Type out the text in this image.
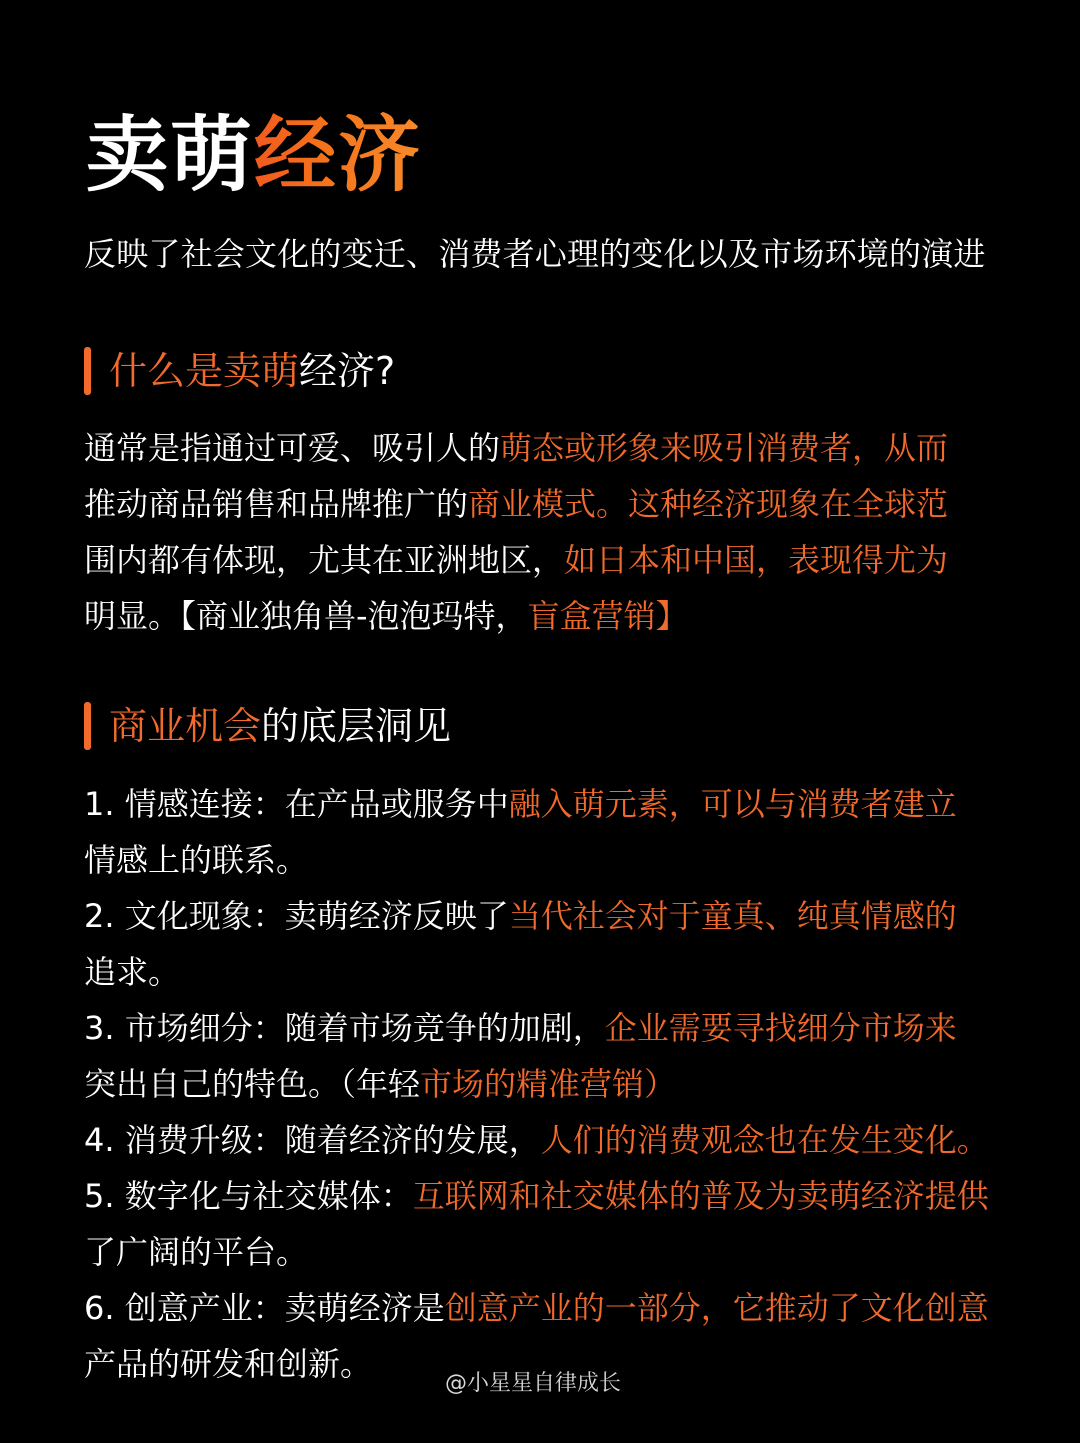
卖萌经济
反映了社会文化的变迁、消费者心理的变化以及市场环境的演进
什么是卖萌经济?
通常是指通过可爱、吸引人的萌态或形象来吸引消费者，从而
推动商品销售和品牌推广的商业模式。这种经济现象在全球范
围内都有体现，尤其在亚洲地区，如日本和中国，表现得尤为
明显。【商业独角兽-泡泡玛特，盲盒营销】
商业机会的底层洞见
1. 情感连接：在产品或服务中融入萌元素，可以与消费者建立
情感上的联系。
2. 文化现象：卖萌经济反映了当代社会对于童真、纯真情感的
追求。
3. 市场细分：随着市场竞争的加剧，企业需要寻找细分市场来
突出自己的特色。（年轻市场的精准营销）
4. 消费升级：随着经济的发展，人们的消费观念也在发生变化。
5. 数字化与社交媒体：互联网和社交媒体的普及为卖萌经济提供
了广阔的平台。
6. 创意产业：卖萌经济是创意产业的一部分，它推动了文化创意
产品的研发和创新。
@小星星自律成长
